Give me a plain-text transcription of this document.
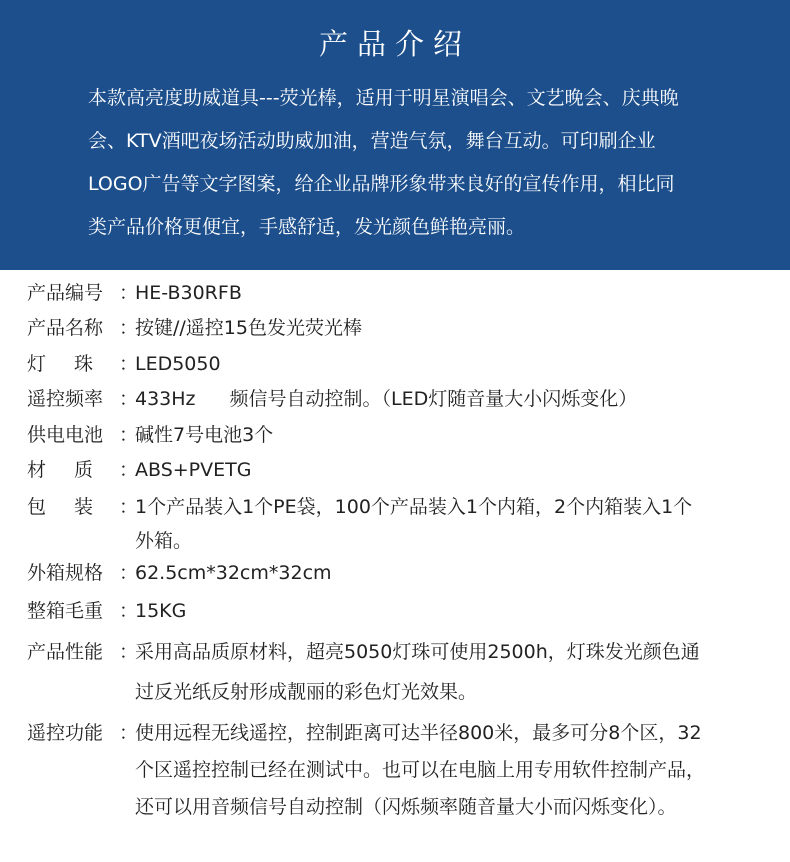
产品介绍
本款高亮度助威道具---荧光棒，适用于明星演唱会、文艺晚会、庆典晚
会、KTV酒吧夜场活动助威加油，营造气氛，舞台互动。可印刷企业
LOGO广告等文字图案，给企业品牌形象带来良好的宣传作用，相比同
类产品价格更便宜，手感舒适，发光颜色鲜艳亮丽。
产品编号 ：
HE-B30RFB
产品名称 ：
按键//遥控15色发光荧光棒
灯 珠	：
LED5050
遥控频率 ：
433Hz 频信号自动控制。（LED灯随音量大小闪烁变化）
供电电池 ：
碱性7号电池3个
材 质	：
ABS+PVETG
包 装	：
1个产品装入1个PE袋，100个产品装入1个内箱，2个内箱装入1个
外箱。
外箱规格 ：
62.5cm*32cm*32cm
整箱毛重 ：
15KG
产品性能 ：
采用高品质原材料，超亮5050灯珠可使用2500h，灯珠发光颜色通
过反光纸反射形成靓丽的彩色灯光效果。
遥控功能 ：
使用远程无线遥控，控制距离可达半径800米，最多可分8个区，32
个区遥控控制已经在测试中。也可以在电脑上用专用软件控制产品，
还可以用音频信号自动控制（闪烁频率随音量大小而闪烁变化）。
